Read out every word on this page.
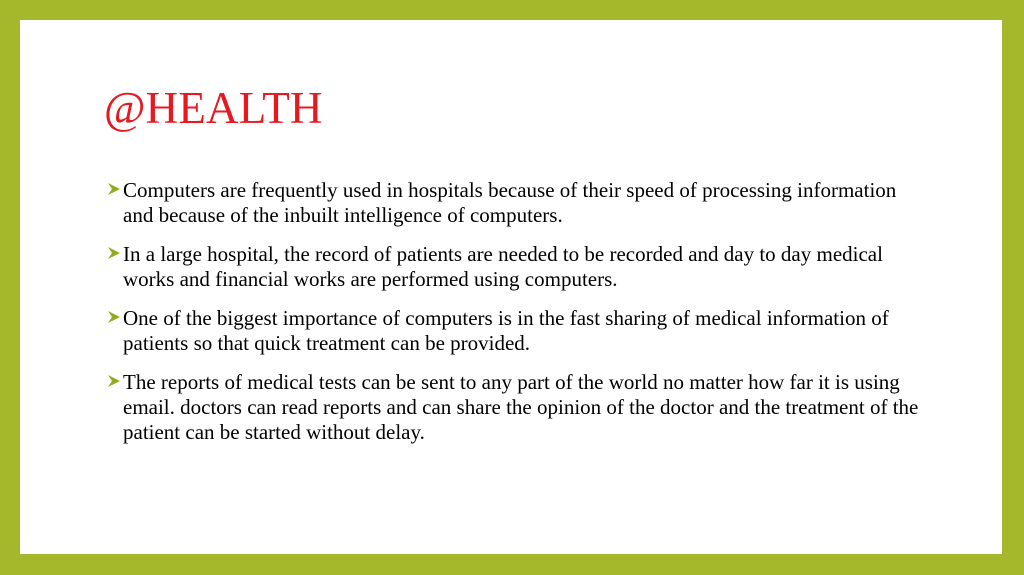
@HEALTH
Computers are frequently used in hospitals because of their speed of processing information and because of the inbuilt intelligence of computers.
In a large hospital, the record of patients are needed to be recorded and day to day medical works and financial works are performed using computers.
One of the biggest importance of computers is in the fast sharing of medical information of patients so that quick treatment can be provided.
The reports of medical tests can be sent to any part of the world no matter how far it is using email. doctors can read reports and can share the opinion of the doctor and the treatment of the patient can be started without delay.
